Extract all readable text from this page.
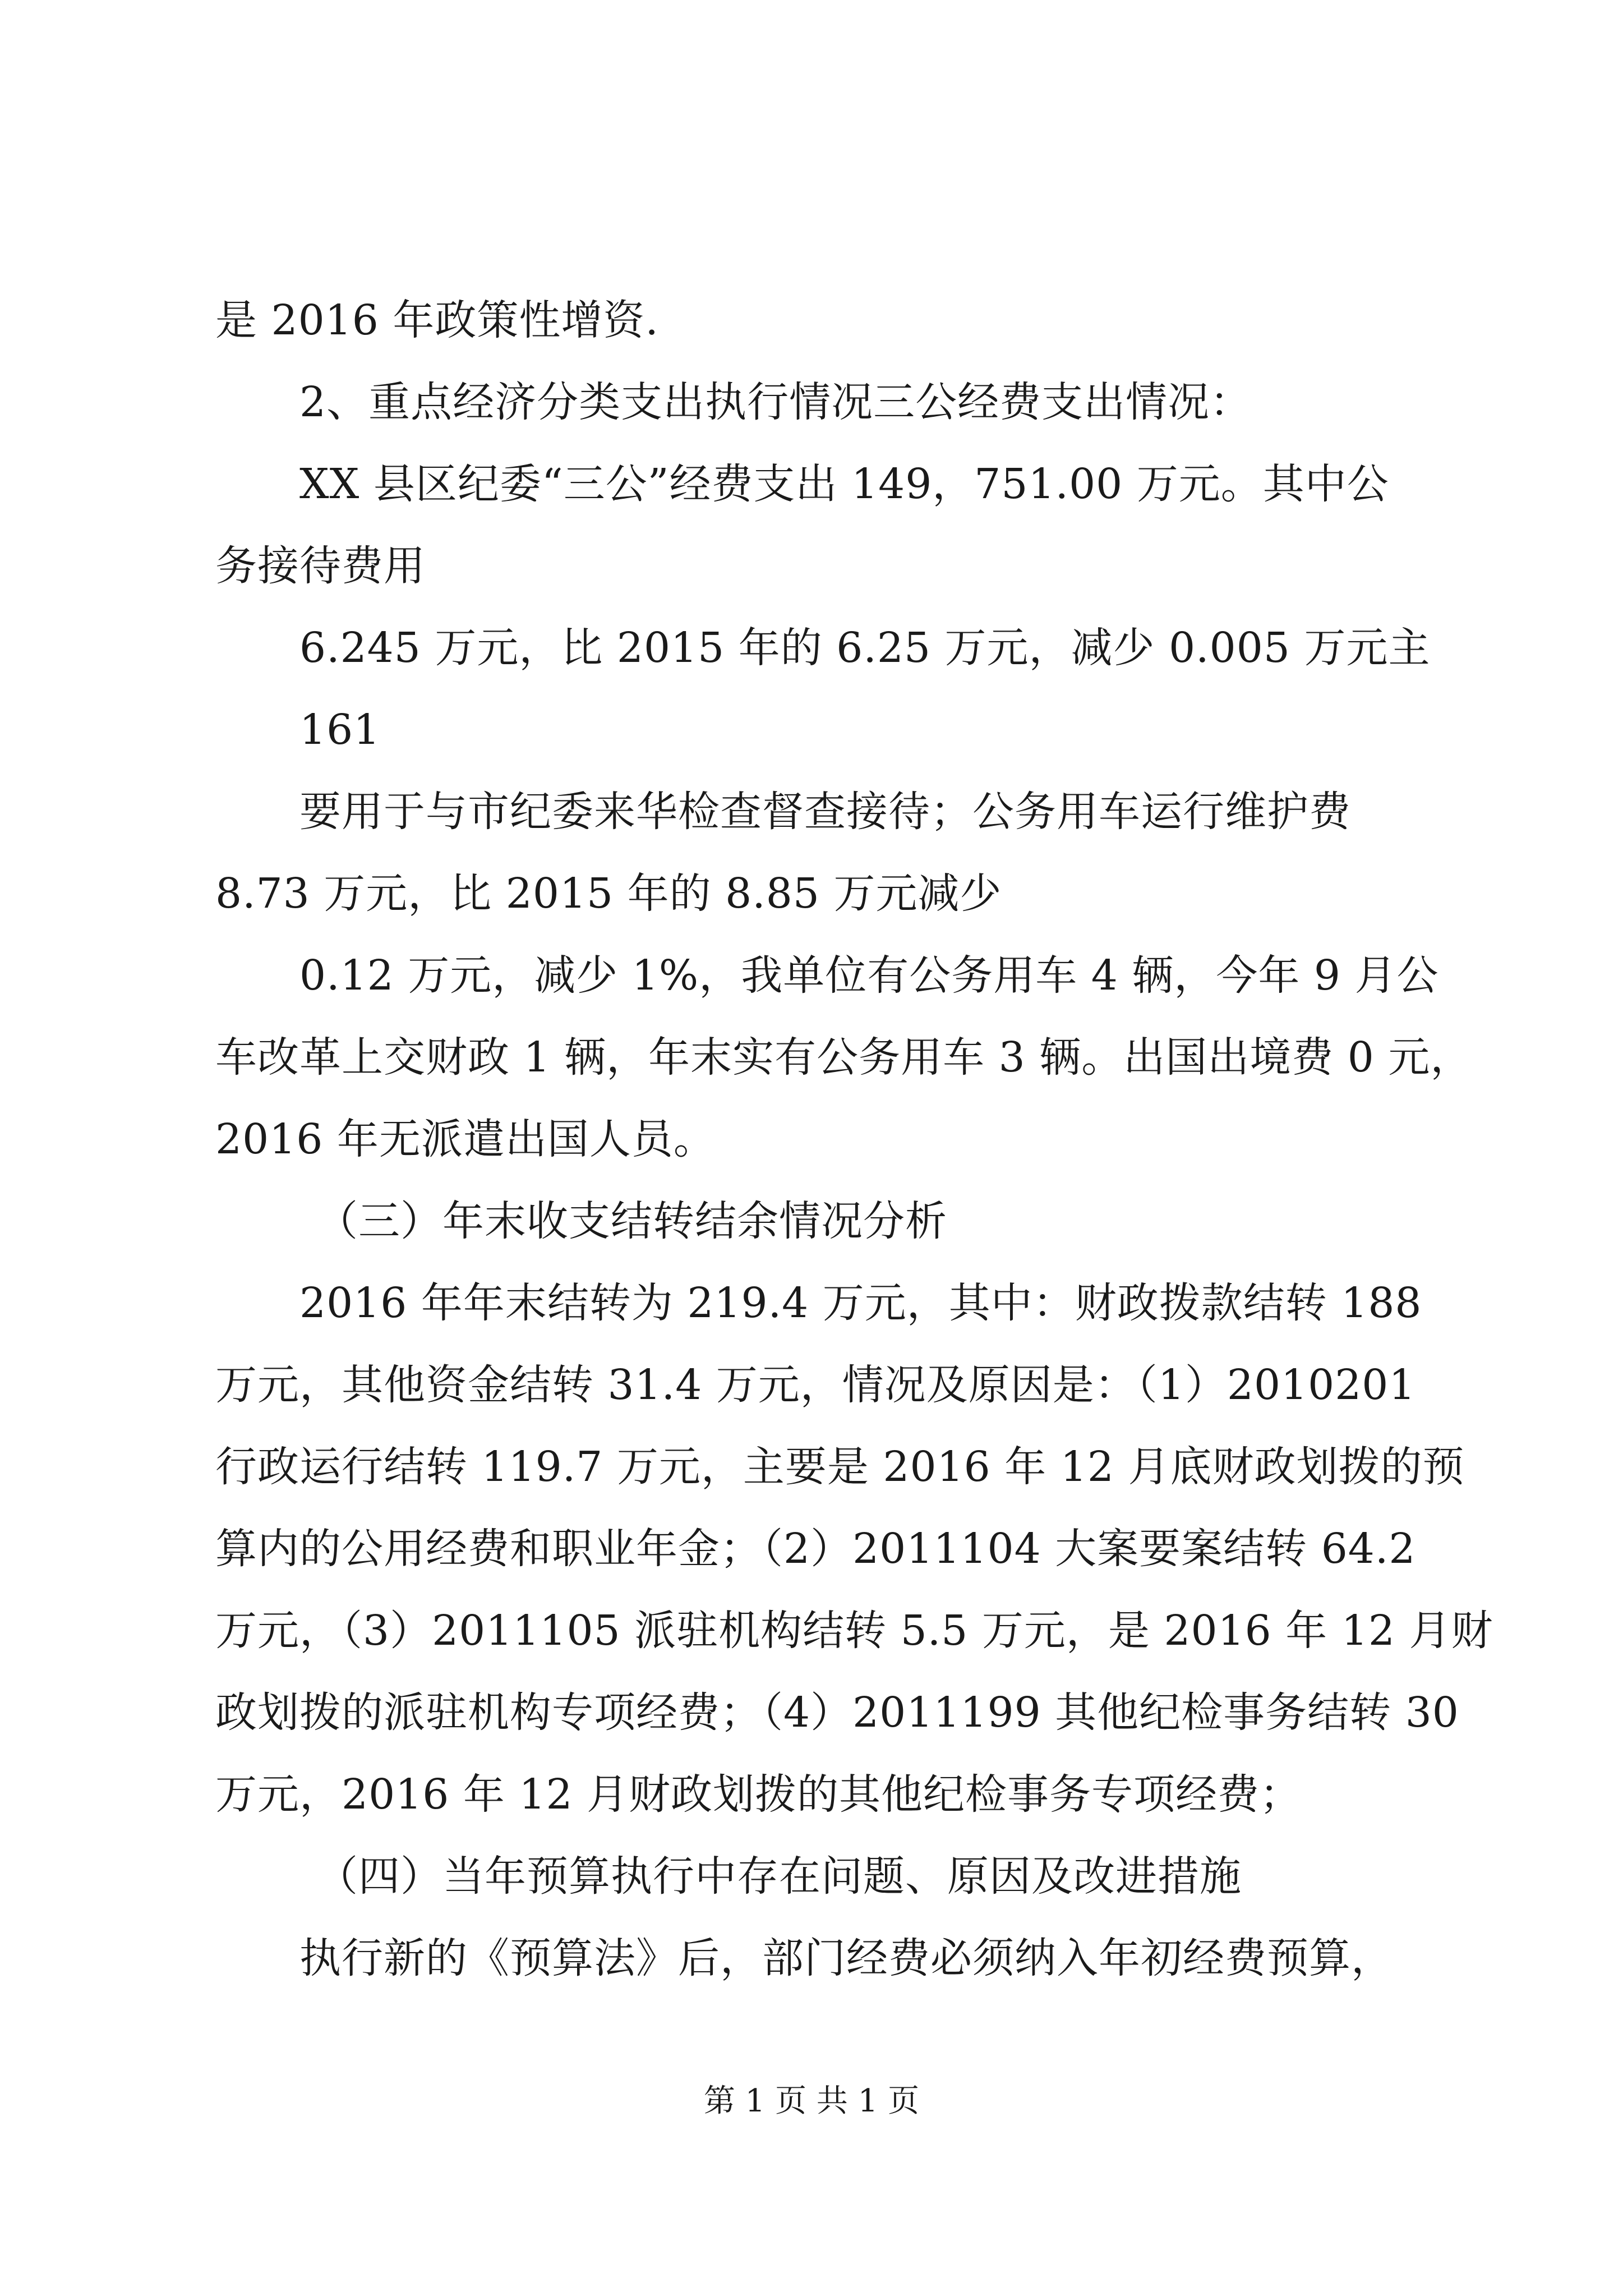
是 2016 年政策性增资.
2、重点经济分类支出执行情况三公经费支出情况：
XX 县区纪委“三公”经费支出 149，751.00 万元。其中公
务接待费用
6.245 万元，比 2015 年的 6.25 万元，减少 0.005 万元主
161
要用于与市纪委来华检查督查接待；公务用车运行维护费
8.73 万元，比 2015 年的 8.85 万元减少
0.12 万元，减少 1%，我单位有公务用车 4 辆，今年 9 月公
车改革上交财政 1 辆，年末实有公务用车 3 辆。出国出境费 0 元，
2016 年无派遣出国人员。
（三）年末收支结转结余情况分析
2016 年年末结转为 219.4 万元，其中：财政拨款结转 188
万元，其他资金结转 31.4 万元，情况及原因是：（1）2010201
行政运行结转 119.7 万元，主要是 2016 年 12 月底财政划拨的预
算内的公用经费和职业年金；（2）2011104 大案要案结转 64.2
万元，（3）2011105 派驻机构结转 5.5 万元，是 2016 年 12 月财
政划拨的派驻机构专项经费；（4）2011199 其他纪检事务结转 30
万元，2016 年 12 月财政划拨的其他纪检事务专项经费；
（四）当年预算执行中存在问题、原因及改进措施
执行新的《预算法》后，部门经费必须纳入年初经费预算，
第 1 页 共 1 页
